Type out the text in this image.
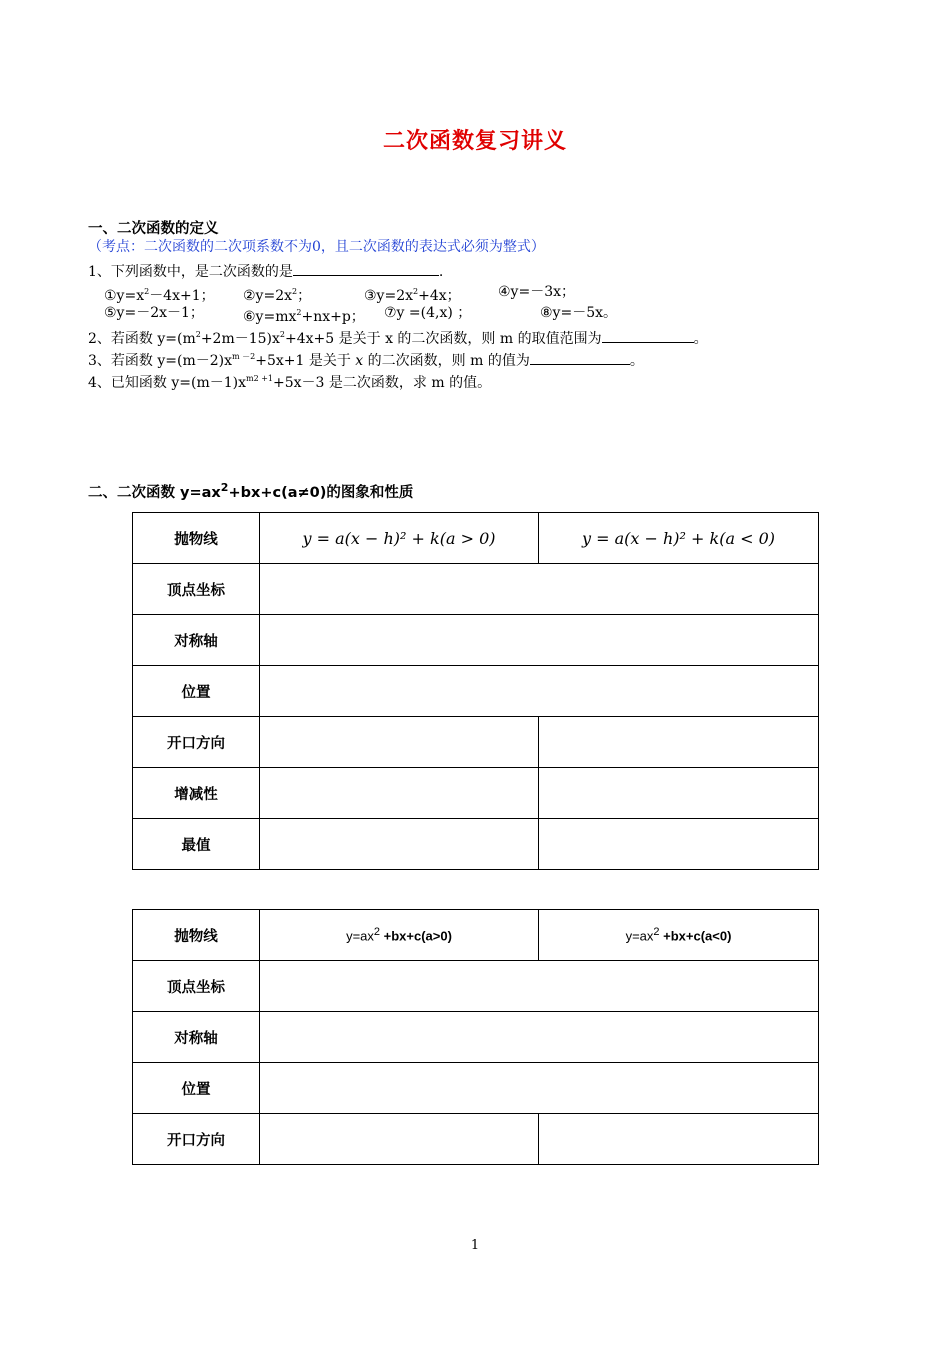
二次函数复习讲义
一、二次函数的定义
（考点：二次函数的二次项系数不为0，且二次函数的表达式必须为整式）
1、下列函数中，是二次函数的是	.
$①y=x^2-4x+1$； $②y=2x^2$；	$③y=2x^2+4x$；	④y=－3x；
⑤y=－2x－1；	$⑥y=mx^2+nx+p$； ⑦y =(4,x) ；	⑧y=－5x。
2、若函数 $y=(m^2+2m-15)x^2+4x+5$ 是关于 x 的二次函数，则 m 的取值范围为	。
3、若函数 $y=(m-2)x^{m -2}+5x+1$ 是关于 x 的二次函数，则 m 的值为	。
4、已知函数 $y=(m-1)x^{m2 +1}+5x-3$ 是二次函数，求 m 的值。
二、二次函数 $y=ax^2+bx+c(a\ne 0)$的图象和性质
抛物线	y = a(x − h)² + k(a > 0)	y = a(x − h)² + k(a < 0)
顶点坐标		
对称轴		
位置		
开口方向		
增减性		
最值		
抛物线	$y=ax^2 +bx+c(a>0)$	$y=ax^2 +bx+c(a<0)$
顶点坐标		
对称轴		
位置		
开口方向		
1
